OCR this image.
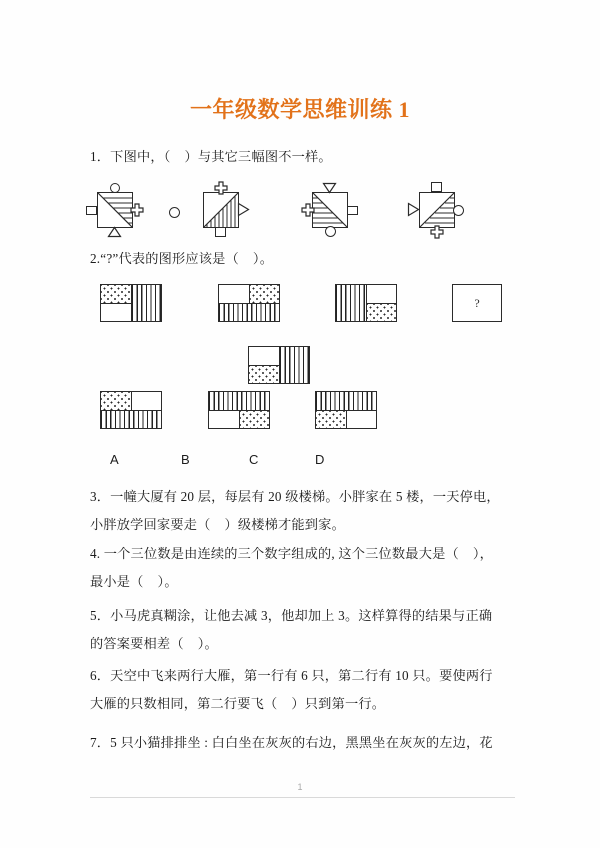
一年级数学思维训练 1
1．下图中，（    ）与其它三幅图不一样。
2.“?”代表的图形应该是（    ）。
?
A	B	C	D
3．一幢大厦有 20 层，每层有 20 级楼梯。小胖家在 5 楼，一天停电，
小胖放学回家要走（    ）级楼梯才能到家。
4. 一个三位数是由连续的三个数字组成的, 这个三位数最大是（    ），
最小是（    ）。
5．小马虎真糊涂，让他去减 3，他却加上 3。这样算得的结果与正确
的答案要相差（    ）。
6．天空中飞来两行大雁，第一行有 6 只，第二行有 10 只。要使两行
大雁的只数相同，第二行要飞（    ）只到第一行。
7．5 只小猫排排坐 : 白白坐在灰灰的右边，黑黑坐在灰灰的左边，花
1
